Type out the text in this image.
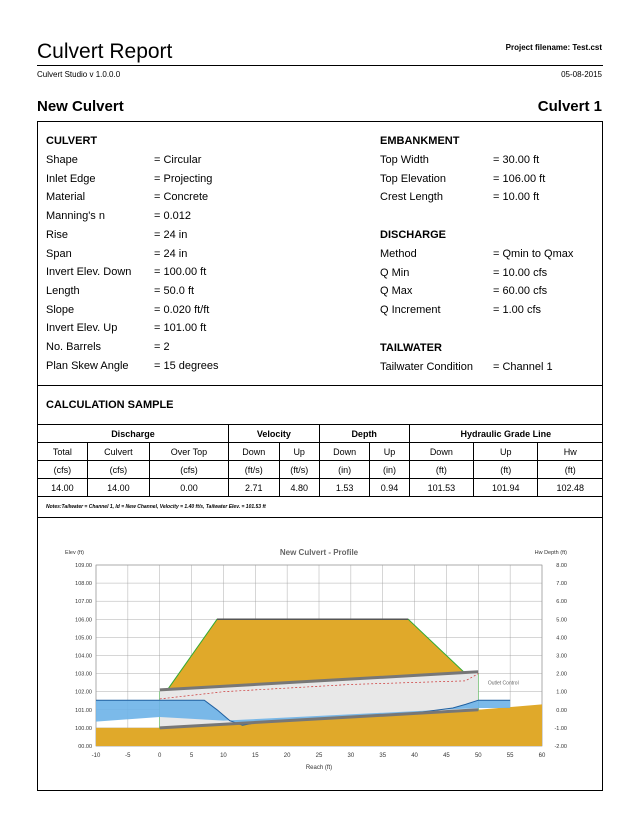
Culvert Report	Project filename: Test.cst
Culvert Studio v 1.0.0.0	05-08-2015
New Culvert	Culvert 1
CULVERT
Shape	= Circular
Inlet Edge	= Projecting
Material	= Concrete
Manning's n	= 0.012
Rise	= 24 in
Span	= 24 in
Invert Elev. Down = 100.00 ft
Length	= 50.0 ft
Slope	= 0.020 ft/ft
Invert Elev. Up	= 101.00 ft
No. Barrels	= 2
Plan Skew Angle = 15 degrees
EMBANKMENT
Top Width	= 30.00 ft
Top Elevation	= 106.00 ft
Crest Length	= 10.00 ft
DISCHARGE
Method	= Qmin to Qmax
Q Min	= 10.00 cfs
Q Max	= 60.00 cfs
Q Increment	= 1.00 cfs
TAILWATER
Tailwater Condition = Channel 1
CALCULATION SAMPLE
Discharge			Velocity		Depth		Hydraulic Grade Line		
Total	Culvert	Over Top	Down	Up	Down	Up	Down	Up	Hw
(cfs)	(cfs)	(cfs)	(ft/s)	(ft/s)	(in)	(in)	(ft)	(ft)	(ft)
14.00	14.00	0.00	2.71	4.80	1.53	0.94	101.53	101.94	102.48
Notes:Tailwater = Channel 1, ld = New Channel, Velocity = 1.40 ft/s, Tailwater Elev. = 101.53 ft
New Culvert - Profile
Elev (ft)	Hw Depth (ft)
Reach (ft)
Outlet Control
00.00
100.00
101.00
102.00
103.00
104.00
105.00
106.00
107.00
108.00
109.00
-2.00
-1.00
0.00
1.00
2.00
3.00
4.00
5.00
6.00
7.00
8.00
-10	-5	0	5	10	15	20	25	30	35	40	45	50	55	60
